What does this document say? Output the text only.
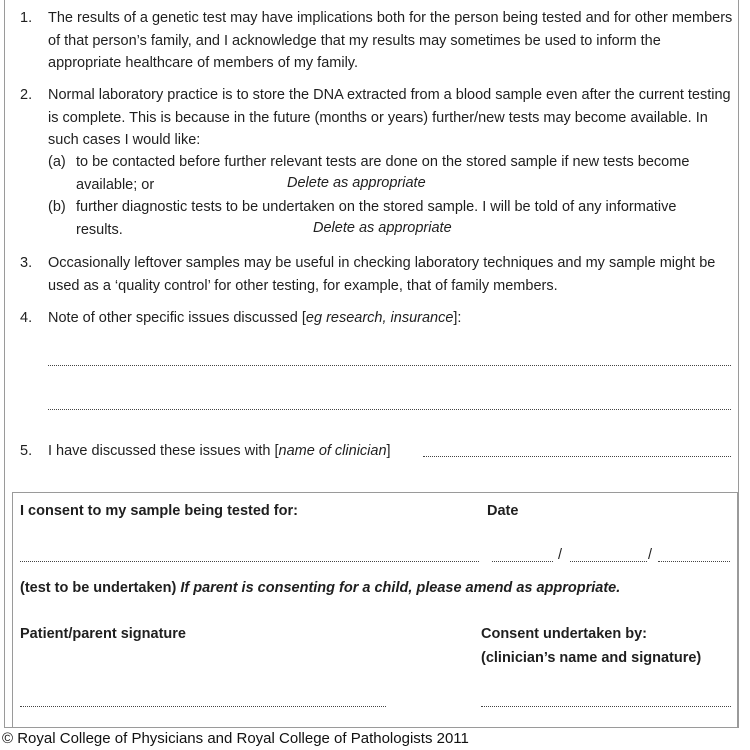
1. The results of a genetic test may have implications both for the person being tested and for other members of that person’s family, and I acknowledge that my results may sometimes be used to inform the appropriate healthcare of members of my family.
2. Normal laboratory practice is to store the DNA extracted from a blood sample even after the current testing is complete. This is because in the future (months or years) further/new tests may become available. In such cases I would like:
(a) to be contacted before further relevant tests are done on the stored sample if new tests become available; or	Delete as appropriate
(b) further diagnostic tests to be undertaken on the stored sample. I will be told of any informative results.	Delete as appropriate
3. Occasionally leftover samples may be useful in checking laboratory techniques and my sample might be used as a ‘quality control’ for other testing, for example, that of family members.
4. Note of other specific issues discussed [eg research, insurance]:
5. I have discussed these issues with [name of clinician]
I consent to my sample being tested for:	Date
/	/
(test to be undertaken) If parent is consenting for a child, please amend as appropriate.
Patient/parent signature	Consent undertaken by:
(clinician’s name and signature)
© Royal College of Physicians and Royal College of Pathologists 2011
